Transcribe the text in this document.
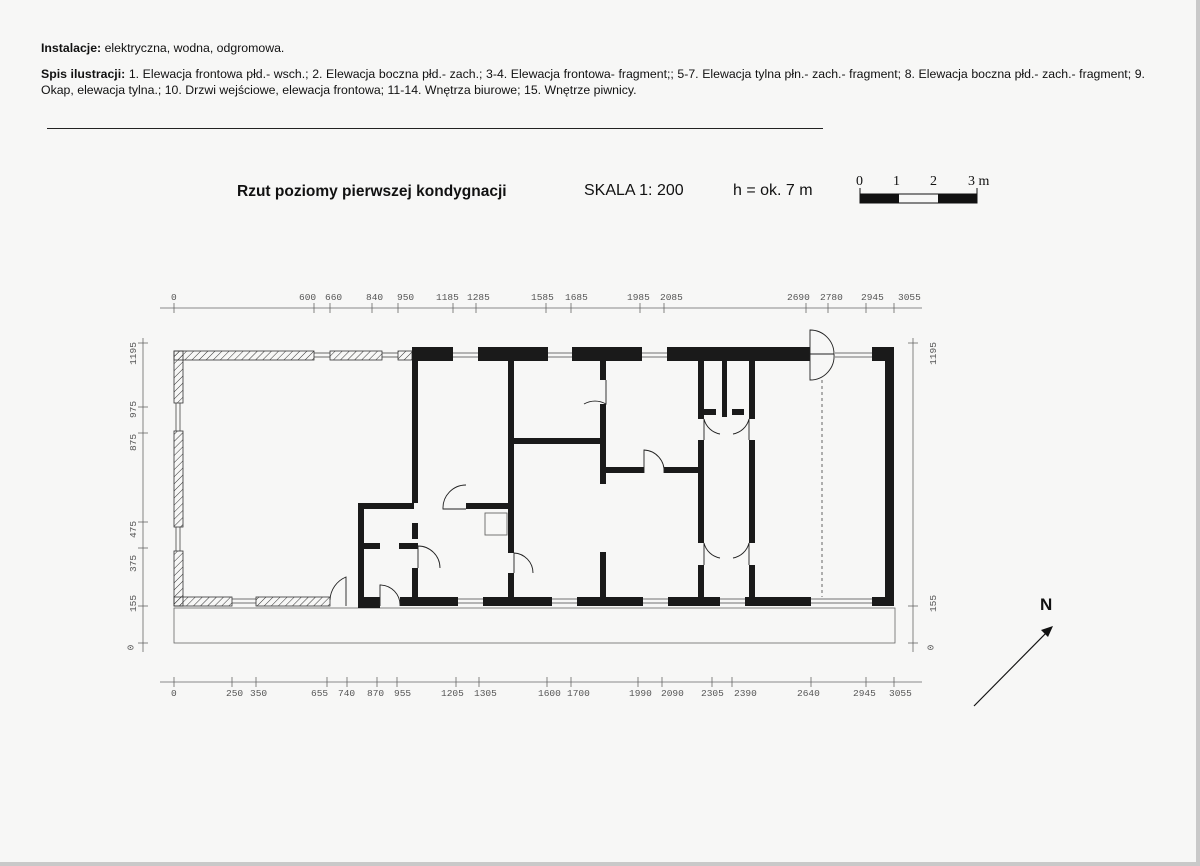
Instalacje: elektryczna, wodna, odgromowa.

Spis ilustracji: 1. Elewacja frontowa płd.- wsch.; 2. Elewacja boczna płd.- zach.; 3-4. Elewacja frontowa- fragment;; 5-7. Elewacja tylna płn.- zach.- fragment; 8. Elewacja boczna płd.- zach.- fragment; 9. Okap, elewacja tylna.; 10. Drzwi wejściowe, elewacja frontowa; 11-14. Wnętrza biurowe; 15. Wnętrze piwnicy.

Rzut poziomy pierwszej kondygnacji	SKALA 1: 200	h = ok. 7 m
0 1 2 3 m
0	600 660	840 950 1185 1285	1585 1685	1985 2085	2690 2780 2945 3055
0	250 350	655 740 870 955	1205 1305	1600 1700	1990 2090 2305 2390	2640	2945 3055
0
155
375
475
875
975
1195	1195
155
0
N
